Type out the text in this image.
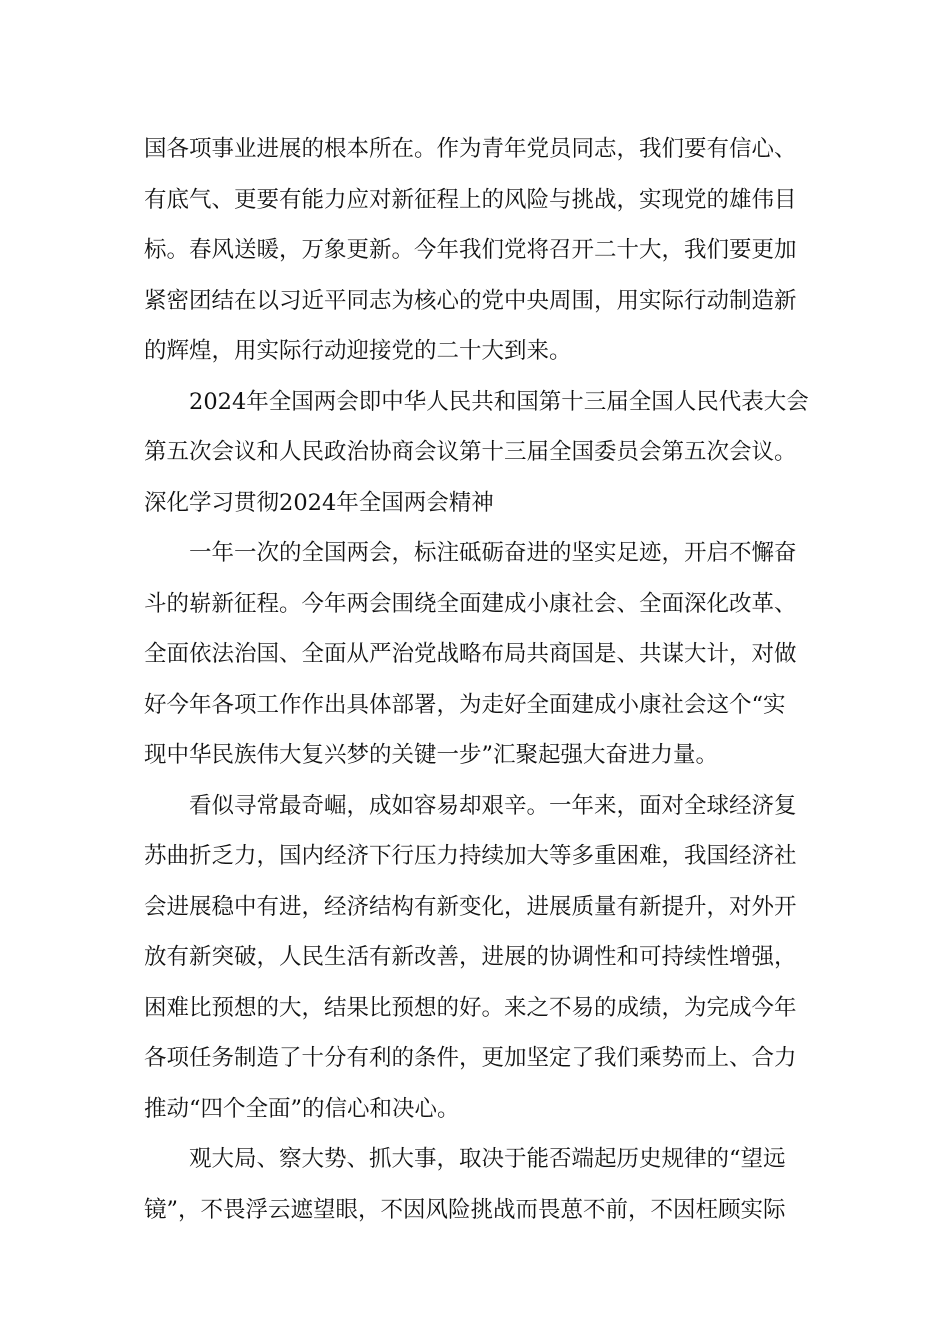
国各项事业进展的根本所在。作为青年党员同志，我们要有信心、
有底气、更要有能力应对新征程上的风险与挑战，实现党的雄伟目
标。春风送暖，万象更新。今年我们党将召开二十大，我们要更加
紧密团结在以习近平同志为核心的党中央周围，用实际行动制造新
的辉煌，用实际行动迎接党的二十大到来。
2024年全国两会即中华人民共和国第十三届全国人民代表大会
第五次会议和人民政治协商会议第十三届全国委员会第五次会议。
深化学习贯彻2024年全国两会精神
一年一次的全国两会，标注砥砺奋进的坚实足迹，开启不懈奋
斗的崭新征程。今年两会围绕全面建成小康社会、全面深化改革、
全面依法治国、全面从严治党战略布局共商国是、共谋大计，对做
好今年各项工作作出具体部署，为走好全面建成小康社会这个“实
现中华民族伟大复兴梦的关键一步”汇聚起强大奋进力量。
看似寻常最奇崛，成如容易却艰辛。一年来，面对全球经济复
苏曲折乏力，国内经济下行压力持续加大等多重困难，我国经济社
会进展稳中有进，经济结构有新变化，进展质量有新提升，对外开
放有新突破，人民生活有新改善，进展的协调性和可持续性增强，
困难比预想的大，结果比预想的好。来之不易的成绩，为完成今年
各项任务制造了十分有利的条件，更加坚定了我们乘势而上、合力
推动“四个全面”的信心和决心。
观大局、察大势、抓大事，取决于能否端起历史规律的“望远
镜”，不畏浮云遮望眼，不因风险挑战而畏葸不前，不因枉顾实际
